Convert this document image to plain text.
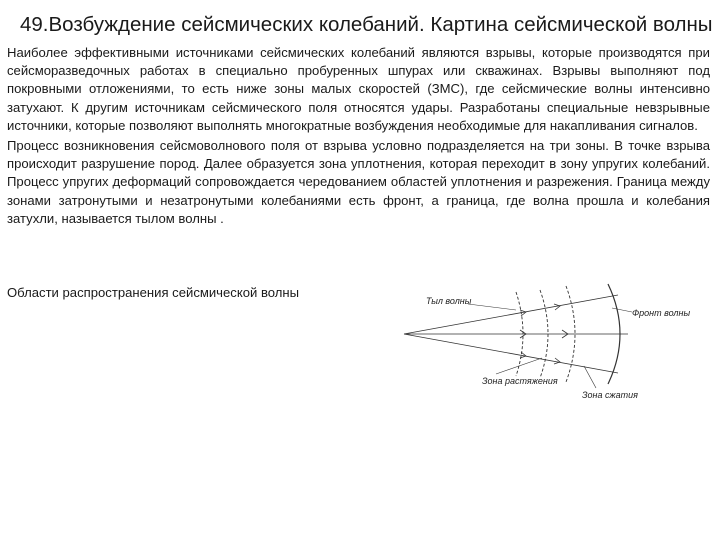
49.Возбуждение сейсмических колебаний. Картина сейсмической волны

Наиболее эффективными источниками сейсмических колебаний являются взрывы, которые производятся при сейсморазведочных работах в специально пробуренных шпурах или скважинах. Взрывы выполняют под покровными отложениями, то есть ниже зоны малых скоростей (ЗМС), где сейсмические волны интенсивно затухают. К другим источникам сейсмического поля относятся удары. Разработаны специальные невзрывные источники, которые позволяют выполнять многократные возбуждения необходимые для накапливания сигналов.

Процесс возникновения сейсмоволнового поля от взрыва условно подразделяется на три зоны. В точке взрыва происходит разрушение пород. Далее образуется зона уплотнения, которая переходит в зону упругих колебаний. Процесс упругих деформаций сопровождается чередованием областей уплотнения и разрежения. Граница между зонами затронутыми и незатронутыми колебаниями есть фронт, а граница, где волна прошла и колебания затухли, называется тылом волны .

Области распространения сейсмической волны
Тыл волны
Фронт волны
Зона растяжения
Зона сжатия
